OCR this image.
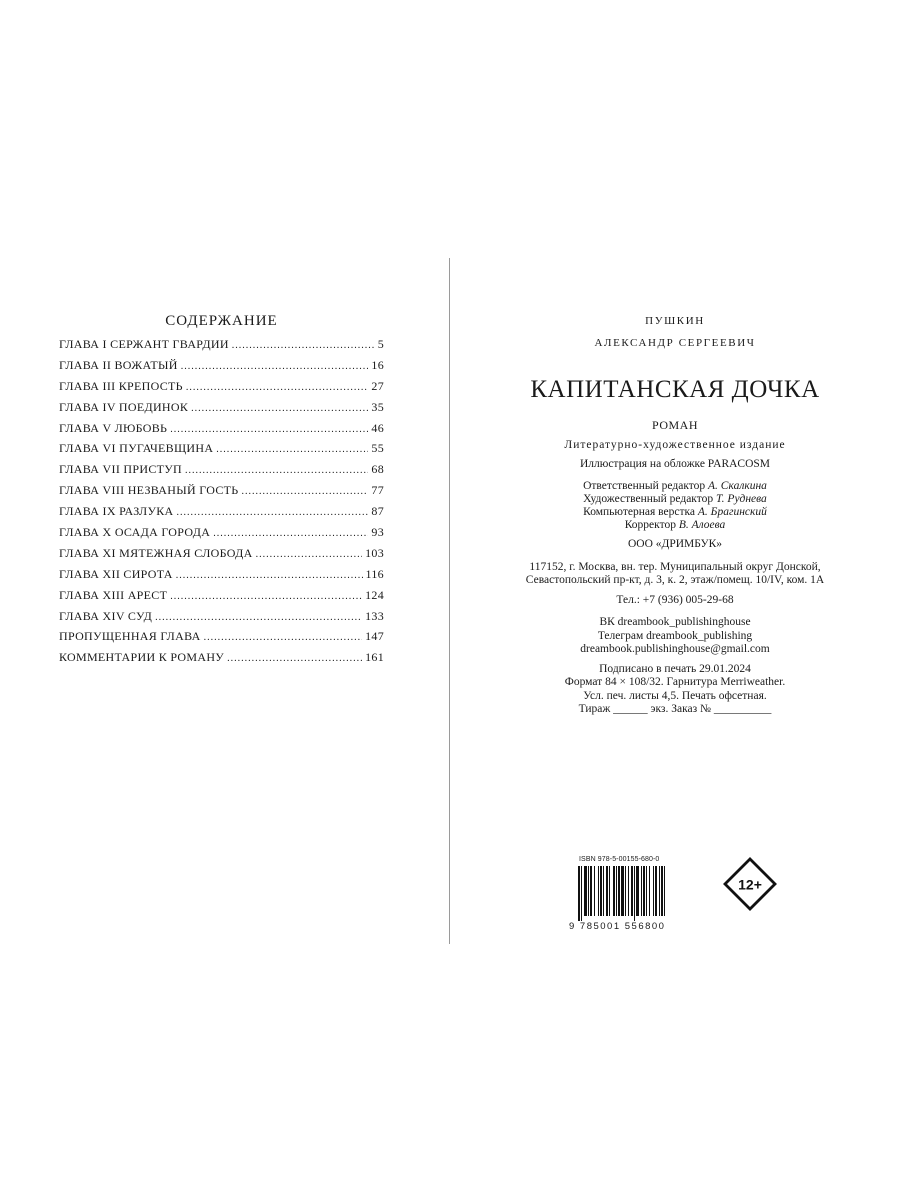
СОДЕРЖАНИЕ
ГЛАВА I СЕРЖАНТ ГВАРДИИ .....	5
ГЛАВА II ВОЖАТЫЙ .....	16
ГЛАВА III КРЕПОСТЬ .....	27
ГЛАВА IV ПОЕДИНОК .....	35
ГЛАВА V ЛЮБОВЬ .....	46
ГЛАВА VI ПУГАЧЕВЩИНА .....	55
ГЛАВА VII ПРИСТУП .....	68
ГЛАВА VIII НЕЗВАНЫЙ ГОСТЬ .....	77
ГЛАВА IX РАЗЛУКА .....	87
ГЛАВА X ОСАДА ГОРОДА .....	93
ГЛАВА XI МЯТЕЖНАЯ СЛОБОДА .....	103
ГЛАВА XII СИРОТА .....	116
ГЛАВА XIII АРЕСТ .....	124
ГЛАВА XIV СУД .....	133
ПРОПУЩЕННАЯ ГЛАВА .....	147
КОММЕНТАРИИ К РОМАНУ .....	161
ПУШКИН
АЛЕКСАНДР СЕРГЕЕВИЧ
КАПИТАНСКАЯ ДОЧКА
РОМАН
Литературно-художественное издание
Иллюстрация на обложке PARACOSM
Ответственный редактор А. Скалкина
Художественный редактор Т. Руднева
Компьютерная верстка А. Брагинский
Корректор В. Алоева
ООО «ДРИМБУК»
117152, г. Москва, вн. тер. Муниципальный округ Донской,
Севастопольский пр-кт, д. 3, к. 2, этаж/помещ. 10/IV, ком. 1А
Тел.: +7 (936) 005-29-68
ВК dreambook_publishinghouse
Телеграм dreambook_publishing
dreambook.publishinghouse@gmail.com
Подписано в печать 29.01.2024
Формат 84 × 108/32. Гарнитура Merriweather.
Усл. печ. листы 4,5. Печать офсетная.
Тираж ______ экз. Заказ № __________
ISBN 978-5-00155-680-0
9 785001 556800
12+
